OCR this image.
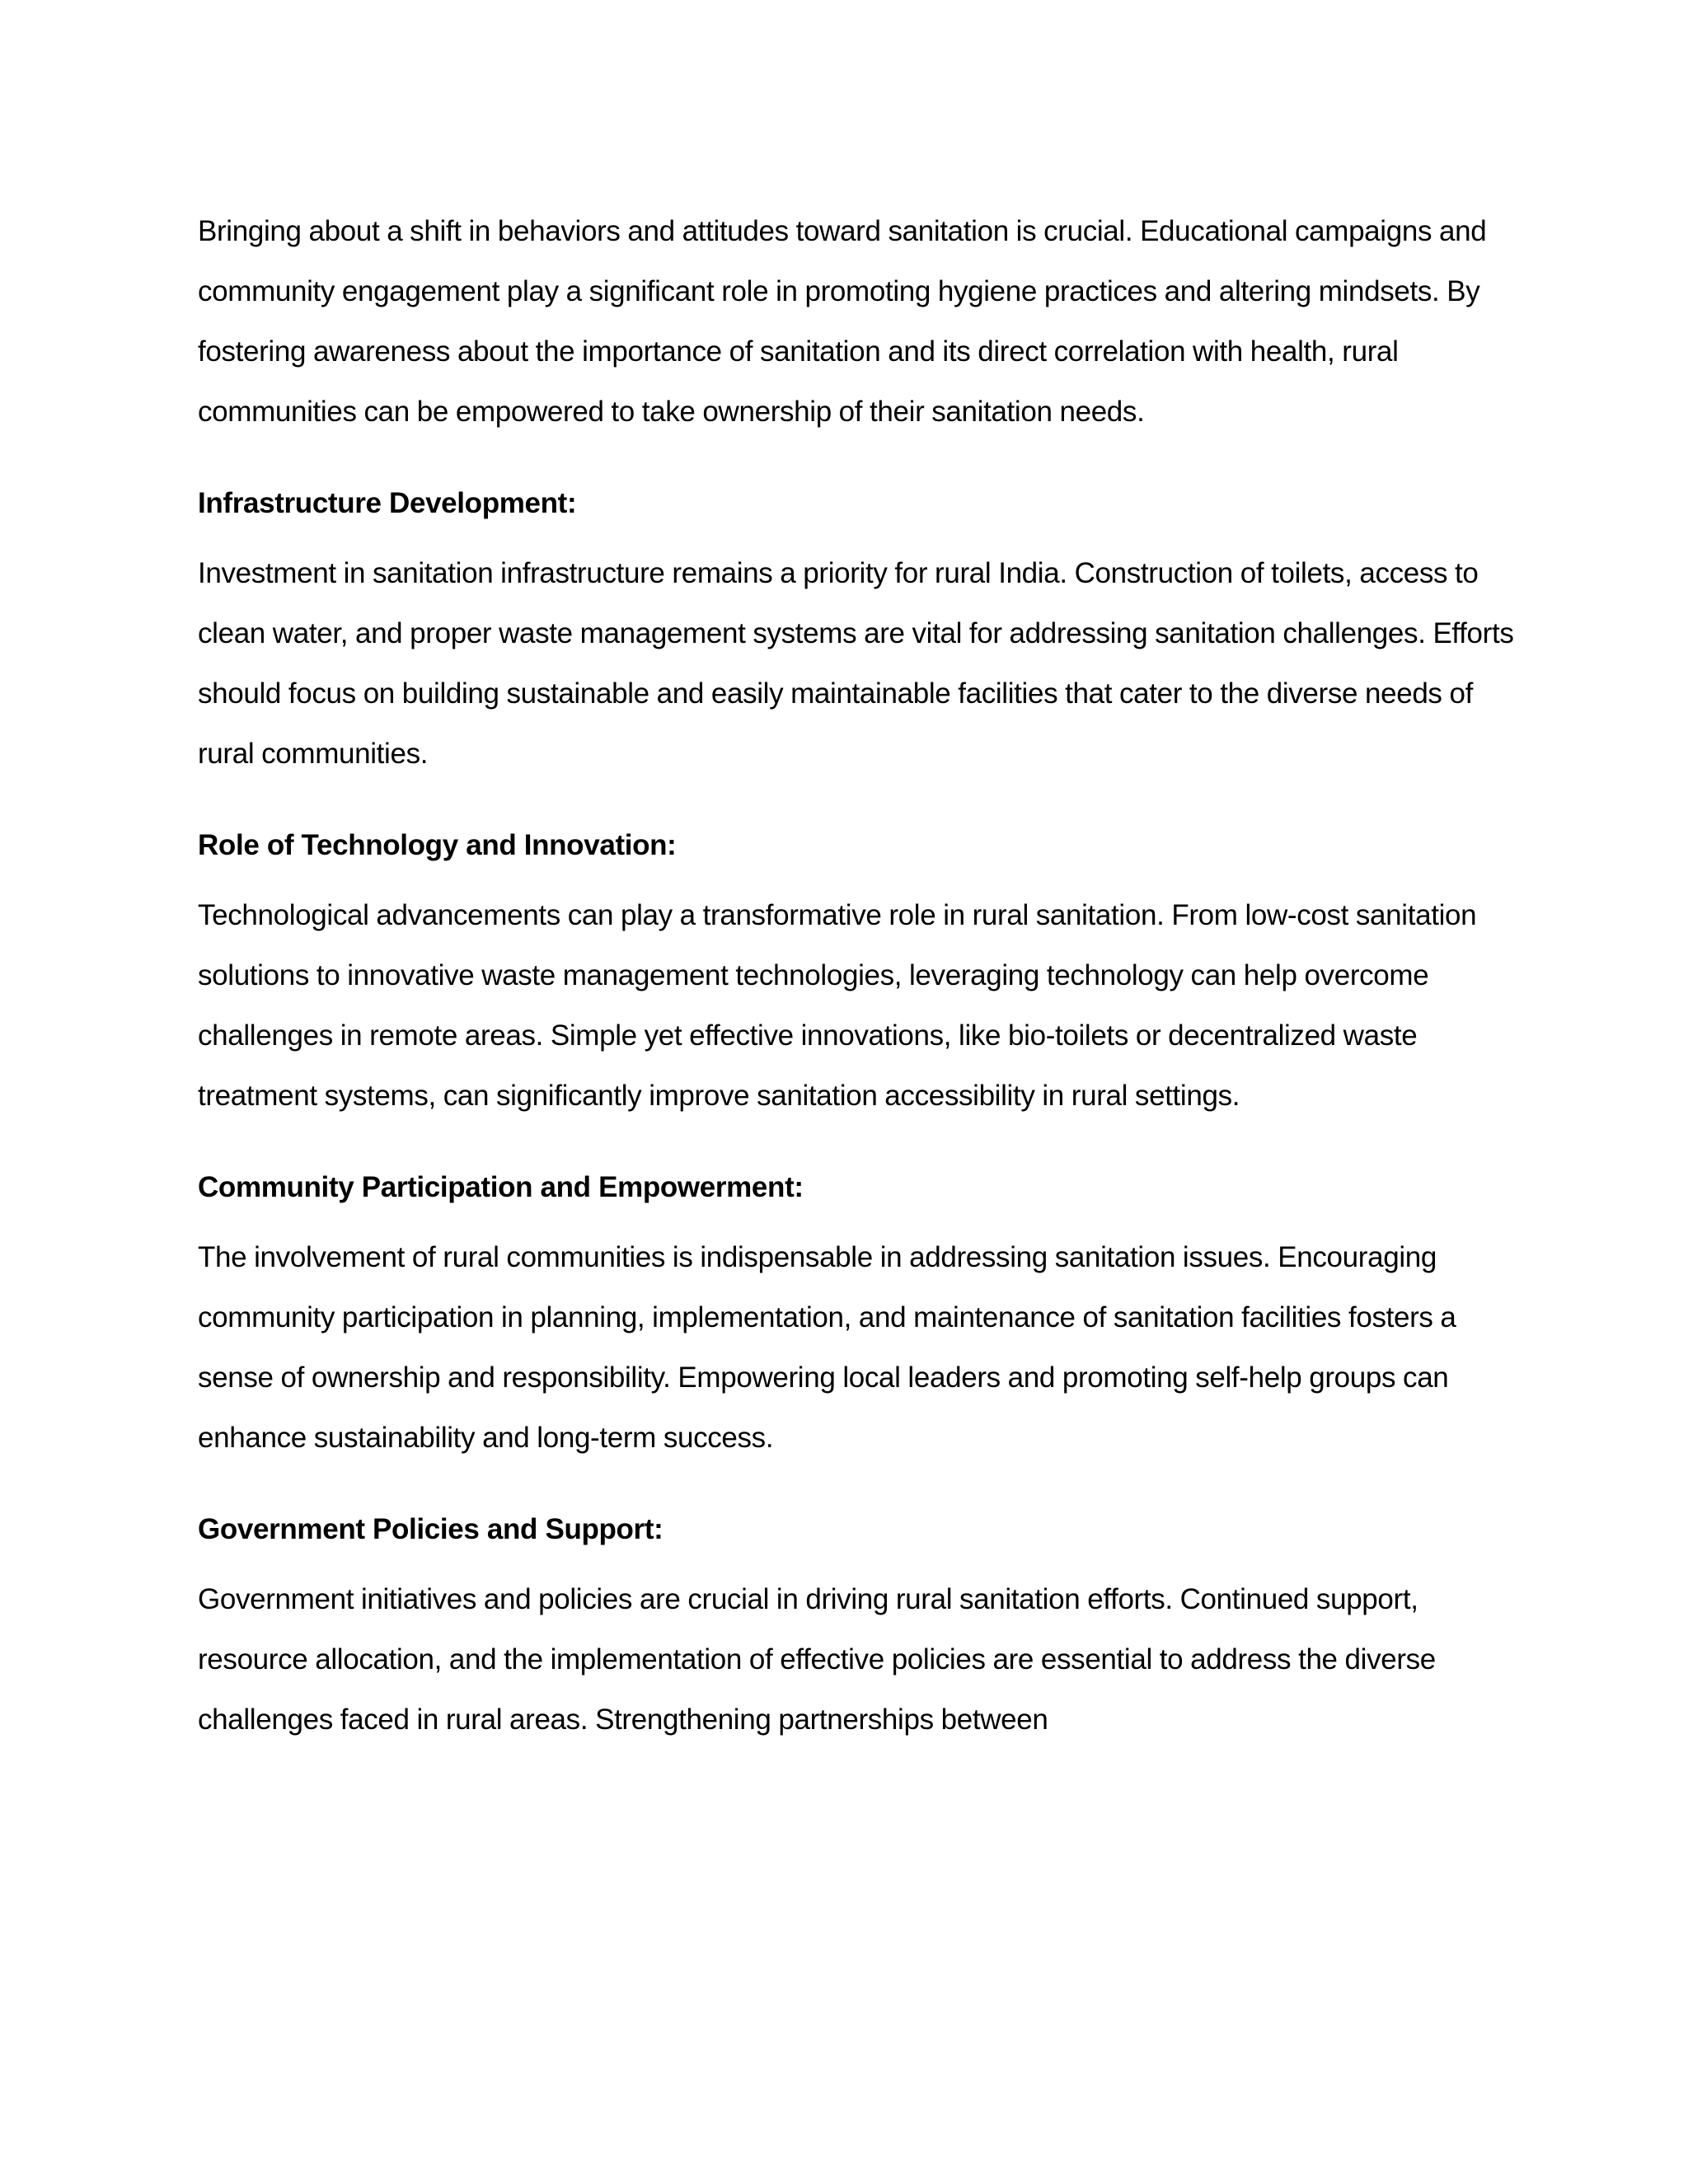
Bringing about a shift in behaviors and attitudes toward sanitation is crucial. Educational campaigns and community engagement play a significant role in promoting hygiene practices and altering mindsets. By fostering awareness about the importance of sanitation and its direct correlation with health, rural communities can be empowered to take ownership of their sanitation needs.

Infrastructure Development:

Investment in sanitation infrastructure remains a priority for rural India. Construction of toilets, access to clean water, and proper waste management systems are vital for addressing sanitation challenges. Efforts should focus on building sustainable and easily maintainable facilities that cater to the diverse needs of rural communities.

Role of Technology and Innovation:

Technological advancements can play a transformative role in rural sanitation. From low-cost sanitation solutions to innovative waste management technologies, leveraging technology can help overcome challenges in remote areas. Simple yet effective innovations, like bio-toilets or decentralized waste treatment systems, can significantly improve sanitation accessibility in rural settings.

Community Participation and Empowerment:

The involvement of rural communities is indispensable in addressing sanitation issues. Encouraging community participation in planning, implementation, and maintenance of sanitation facilities fosters a sense of ownership and responsibility. Empowering local leaders and promoting self-help groups can enhance sustainability and long-term success.

Government Policies and Support:

Government initiatives and policies are crucial in driving rural sanitation efforts. Continued support, resource allocation, and the implementation of effective policies are essential to address the diverse challenges faced in rural areas. Strengthening partnerships between
